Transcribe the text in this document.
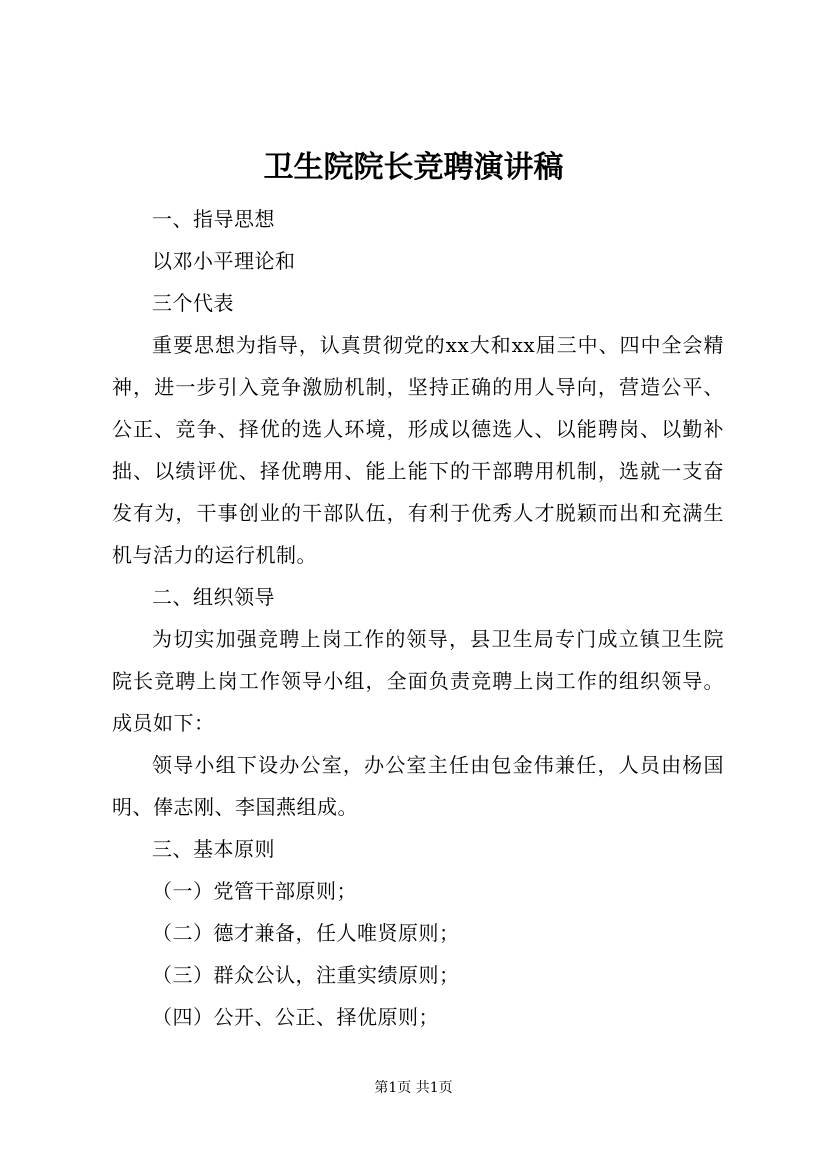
卫生院院长竞聘演讲稿

一、指导思想

以邓小平理论和

三个代表

重要思想为指导，认真贯彻党的xx大和xx届三中、四中全会精神，进一步引入竞争激励机制，坚持正确的用人导向，营造公平、公正、竞争、择优的选人环境，形成以德选人、以能聘岗、以勤补拙、以绩评优、择优聘用、能上能下的干部聘用机制，选就一支奋发有为，干事创业的干部队伍，有利于优秀人才脱颖而出和充满生机与活力的运行机制。

二、组织领导

为切实加强竞聘上岗工作的领导，县卫生局专门成立镇卫生院院长竞聘上岗工作领导小组，全面负责竞聘上岗工作的组织领导。成员如下：

领导小组下设办公室，办公室主任由包金伟兼任，人员由杨国明、俸志刚、李国燕组成。

三、基本原则

（一）党管干部原则；

（二）德才兼备，任人唯贤原则；

（三）群众公认，注重实绩原则；

（四）公开、公正、择优原则；

第1页 共1页
